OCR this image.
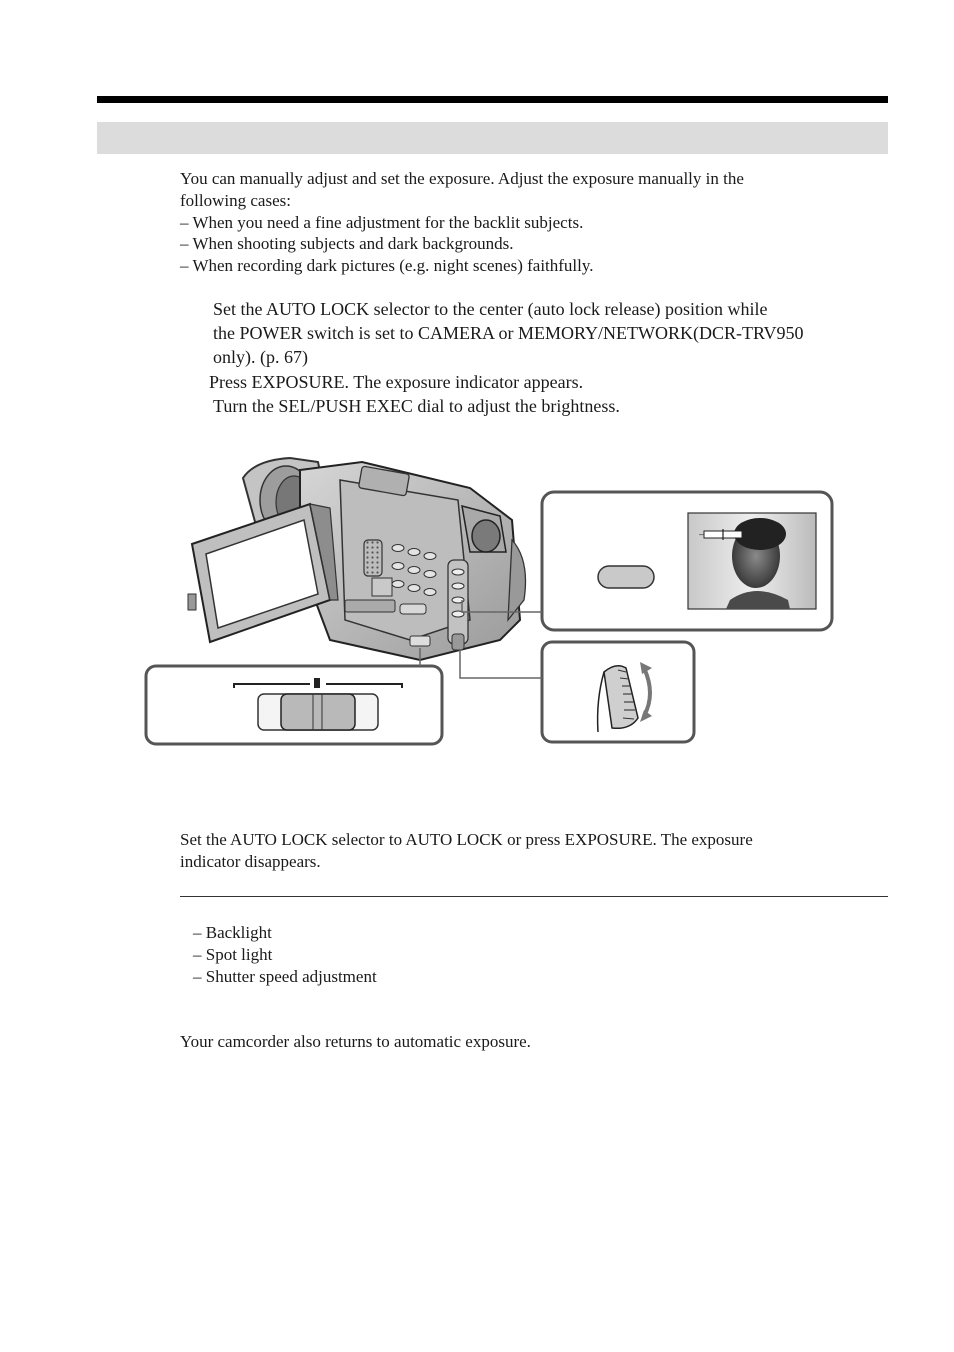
You can manually adjust and set the exposure. Adjust the exposure manually in the
following cases:
– When you need a fine adjustment for the backlit subjects.
– When shooting subjects and dark backgrounds.
– When recording dark pictures (e.g. night scenes) faithfully.
Set the AUTO LOCK selector to the center (auto lock release) position while
the POWER switch is set to CAMERA or MEMORY/NETWORK(DCR-TRV950
only). (p. 67)
Press EXPOSURE. The exposure indicator appears.
Turn the SEL/PUSH EXEC dial to adjust the brightness.
–	+
Set the AUTO LOCK selector to AUTO LOCK or press EXPOSURE. The exposure
indicator disappears.
– Backlight
– Spot light
– Shutter speed adjustment
Your camcorder also returns to automatic exposure.
